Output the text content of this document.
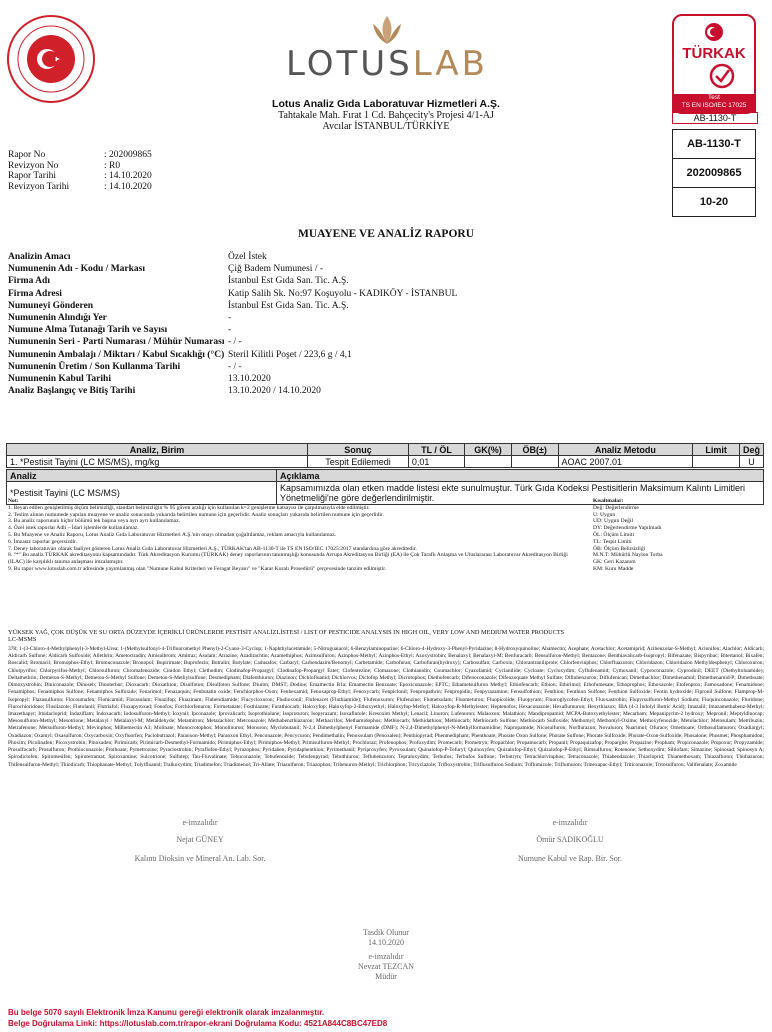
LOTUSLAB
Lotus Analiz Gıda Laboratuvar Hizmetleri A.Ş.
Tahtakale Mah. Fırat 1 Cd. Bahçecity's Projesi 4/1-AJ
Avcılar İSTANBUL/TÜRKİYE
TÜRKAK
Test
TS EN ISO/IEC 17025
AB-1130-T
AB-1130-T
202009865
10-20
Rapor No	: 202009865
Revizyon No	: R0
Rapor Tarihi	: 14.10.2020
Revizyon Tarihi	: 14.10.2020
MUAYENE VE ANALİZ RAPORU
Analizin Amacı	Özel İstek
Numunenin Adı - Kodu / Markası	Çiğ Badem Numunesi / -
Firma Adı	İstanbul Est Gıda San. Tic. A.Ş.
Firma Adresi	Katip Salih Sk. No:97 Koşuyolu - KADIKÖY - İSTANBUL
Numuneyi Gönderen	İstanbul Est Gıda San. Tic. A.Ş.
Numunenin Alındığı Yer	-
Numune Alma Tutanağı Tarih ve Sayısı	-
Numunenin Seri - Parti Numarası / Mühür Numarası	- / -
Numunenin Ambalajı / Miktarı / Kabul Sıcaklığı (°C)	Steril Kilitli Poşet / 223,6 g / 4,1
Numunenin Üretim / Son Kullanma Tarihi	- / -
Numunenin Kabul Tarihi	13.10.2020
Analiz Başlangıç ve Bitiş Tarihi	13.10.2020 / 14.10.2020
Analiz, Birim	Sonuç	TL / ÖL	GK(%)	ÖB(±)	Analiz Metodu	Limit	Değ
1. *Pestisit Tayini (LC MS/MS), mg/kg	Tespit Edilemedi	0,01			AOAC 2007.01		U
Analiz	Açıklama
*Pestisit Tayini (LC MS/MS)	Kapsamımızda olan etken madde listesi ekte sunulmuştur. Türk Gıda Kodeksi Pestisitlerin Maksimum Kalıntı Limitleri Yönetmeliği'ne göre değerlendirilmiştir.
Not:
1. Beyan edilen genişletilmiş ölçüm belirsizliği, standart belirsizliğin % 95 güven aralığı için kullanılan k=2 genişletme katsayısı ile çarpılmasıyla elde edilmiştir.
2. Teslim alınan numunede yapılan muayene ve analiz sonucunda yukarıda belirtilen numune için geçerlidir. Analiz sonuçları yukarıda belirtilen numune için geçerlidir.
3. Bu analiz raporunun hiçbir bölümü tek başına veya ayrı ayrı kullanılamaz.
4. Özel istek raporlar Adli – İdari işlemlerde kullanılamaz.
5. Bu Muayene ve Analiz Raporu, Lotus Analiz Gıda Laboratuvar Hizmetleri A.Ş.'nin onayı olmadan çoğaltılamaz, reklam amacıyla kullanılamaz.
6. İmzasız raporlar geçersizdir.
7. Deney laboratuvarı olarak faaliyet gösteren Lotus Analiz Gıda Laboratuvar Hizmetleri A.Ş., TÜRKAK'tan AB-1130-T ile TS EN ISO/IEC 17025:2017 standardına göre akreditedir.
8. "*" Bu analiz TÜRKAK akreditasyonu kapsamındadır. Türk Akreditasyon Kurumu (TÜRKAK) deney raporlarının tanınmışlığı konusunda Avrupa Akreditasyon Birliği (EA) ile Çok Taraflı Anlaşma ve Uluslararası Laboratuvar Akreditasyon Birliği (ILAC) ile karşılıklı tanıma anlaşması imzalamıştır.
9. Bu rapor www.lotuslab.com.tr adresinde yayımlanmış olan "Numune Kabul Kriterleri ve Feragat Beyanı" ve "Karar Kuralı Prosedürü" çerçevesinde tanzim edilmiştir.
Kısaltmalar:
Değ: Değerlendirme
U: Uygun
UD: Uygun Değil
DY: Değerlendirme Yapılmadı
ÖL: Ölçüm Limiti
TL: Tespit Limiti
ÖB: Ölçüm Belirsizliği
M.N.T: Mühürlü Naylon Torba
GK: Geri Kazanım
KM: Kuru Madde
YÜKSEK YAĞ, ÇOK DÜŞÜK VE SU ORTA DÜZEYDE İÇERİKLİ ÜRÜNLERDE PESTİSİT ANALİZLİSTESİ / LIST OF PESTICIDE ANALYSIS IN HIGH OIL, VERY LOW AND MEDIUM WATER PRODUCTS
LC-MSMS
378; 1-(3-Chloro-4-Methylphenyl)-3-Methyl-Urea; 1-(Methylsulfonyl-4-Trifluoromethyl Phenyl)-2-Cyano-3-Cyclop; 1-Naphthylacetamide; 5-Nitroguaiacol; 6-Benzylaminopurine; 6-Chloro-4-Hydroxy-3-Phenyl-Pyridazine; 8-Hydroxyquinoline; Abamectin; Acephate; Acetachlor; Acetamiprid; Acibenzolar-S-Methyl; Aclonifen; Alachlor; Aldicarb; Aldicarb Sulfone; Aldicarb Sulfoxide; Allethrin; Ametoctradin; Amisulbrom; Amitraz; Asulam; Atrazine; Azadirachtin; Azamethiphos; Azimsulfuron; Azinphos-Methyl; Azinphos-Ethyl; Azoxystrobin; Benalaxyl; Benalaxyl-M; Benfuracarb; Bensulfuron-Methyl; Bentazone; Benthiavalicarb-Isopropyl; Bifenazate; Bispyribac; Bitertanol; Bixafen; Boscalid; Bromacil; Bromophos-Ethyl; Bromuconazole; Bronopol; Bupirimate; Buprofezin; Butralin; Butylate; Cadusafos; Carbaryl; Carbendazim/Benomyl; Carbetamide; Carbofuran; Carbofuran(hydroxy); Carbosulfan; Carboxin; Chlorantraniliprole; Chlorfenvinphos; Chlorfluazuron; Chloridazon; Chloridazon Methyldesphenyl; Chloroxuron; Chlorpyrifos; Chlorpyrifos-Methyl; Chlorsulfuron; Chromafenozide; Cinidon Ethyl; Clethodim; Clodinafop-Propargyl; Clodinafop-Propargyl Ester; Clofentezine; Clomazone; Clothianidin; Coumachlor; Cyazofamid; Cyclanilide; Cycloate; Cycloxydim; Cyflufenamid; Cymoxanil; Cyproconazole; Cyprodinil; DEET (Diethyltoluamide); Deltamethrin; Demeton-S-Methyl; Demeton-S-Methyl Sulfone; Demeton-S-Methylsulfone; Desmedipham; Diafenthiuron; Diazinon; Dichlofluanid; Dichlorvos; Diclofop Methyl; Dicrotophos; Diethofencarb; Difenoconazole; Difenzoquate Methyl Sulfate; Diflubenzuron; Diflufenican; Dimethachlor; Dimethenamid; Dimethenamid-P; Dimethoate; Dimoxystrobin; Diniconazole; Dinoseb; Dinoterbur; Dioxacarb; Dioxathion; Disulfoton; Disulfoton Sulfone; Diuron; DMST; Dodine; Emamectin B1a; Emamectin Benzoate; Epoxiconazole; EPTC; Ethametsulfuron Methyl; Ethiofencarb; Ethion; Ethirimol; Ethofumesate; Ethoprophos; Ethoxazole; Etofenprox; Famoxadone; Fenamidone; Fenamiphos; Fenamiphos Sulfone; Fenamiphos Sulfoxide; Fenarimol; Fenazaquin; Fenbutatin oxide; Fenchlorphos-Oxon; Fenhexamid; Fenoxaprop-Ethyl; Fenoxycarb; Fenpiclonil; Fenpropathrin; Fenpropidin; Fenpyrazamine; Fensulfothion; Fenthion; Fenthion Sulfone; Fenthion Sulfoxide; Fentin hydroxide; Fipronil Sulfone; Flamprop-M-Isopropyl; Flazasulfuron; Flocoumafen; Flonicamid; Florasulam; Fluazifop; Fluazinam; Flubendiamide; Flucycloxuron; Fludioxonil; Flufenacet (Fluthiamide); Flufenoxuron; Flufenzine; Flumetsulam; Fluometuron; Fluopicolide; Fluopyram; Fluoroglycofen-Ethyl; Fluoxastrobin; Flupyrsulfuron-Methyl Sodium; Fluquinconazole; Fluridone; Flurochloridone; Flusilazole; Flutolanil; Flutriafol; Fluxapyroxad; Fonofos; Forchlorfenuron; Formetanate; Fosthiazate; Furathiocarb; Haloxyfop; Haloxyfop-2-Ethoxyethyl; Haloxyfop-Methyl; Haloxyfop-R-Methylester; Heptenofos; Hexaconazole; Hexaflumuron; Hexythiazox; IBA (4-3 İndolyl Butric Acid); Imazalil; Imazamethabenz-Methyl; Imazethapyr; Imidacloprid; Indaziflam; Indoxacarb; Iodosulfuron-Methyl; Ioxynil; Ipconazole; Iprovalicarb; Isoprothiolane; Isoproturon; Isopyrazam; Isoxaflutole; Kresoxim Methyl; Lenacil; Linuron; Lufenuron; Malaoxon; Malathion; Mandipropamid; MCPA-Butoxyethylester; Mecarbam; Mepanipyrim-2 hydroxy; Mepronil; Meptyldinocap; Mesosulfuron-Methyl; Mesotrione; Metalaxyl / Metalaxyl-M; Metaldehyde; Metamitron; Metazachlor; Metconazole; Methabenzthiazuron; Methacrifos; Methamidophos; Methiocarb; Methidathion; Methiocarb; Methiocarb Sulfone; Methiocarb Sulfoxide; Methomyl; Methomyl-Oxime; Methoxyfenozide; Metolachlor; Metosulam; Metribuzin; Metrafenone; Metsulfuron-Methyl; Mevinphos; Milbemectin A3; Molinate; Monocrotophos; Monolinuron; Monuron; Myclobutanil; N-2,4 Dimethylphenyl Formamide (DMF); N-2,4-Dimethylphenyl-N-Methylformamidine; Napropamide; Nicosulfuron; Norflurazon; Novaluron; Nuarimol; Ofurace; Omethoate; Orthosulfamuron; Oxadiargyl; Oxadiazon; Oxamyl; Oxasulfuron; Oxycarboxin; Oxyfluorfen; Paclobutrazol; Paraoxon-Methyl; Paraoxon Ethyl; Penconazole; Pencycuron; Pendimethalin; Penoxsulam (Penoxalen); Penthiopyrad; Phenmedipham; Phenthoate; Phorate Oxon Sulfone; Phorate Sulfone; Phorate Sulfoxide; Phorate-Oxon-Sulfoxide; Phosalone; Phosmet; Phosphamidon; Phoxim; Picolinafen; Picoxystrobin; Pinoxaden; Pirimicarb; Pirimicarb-Desmethyl-Formamido; Pirimiphos-Ethyl; Pirimiphos-Methyl; Primisulfuron-Methyl; Prochloraz; Profenophos; Profoxydim; Promecarb; Prometryn; Propachlor; Propamocarb; Propanil; Propaquizafop; Propargite; Propazine; Propham; Propiconazole; Propoxur; Propyzamide; Prosulfocarb; Prosulfuron; Prothioconazole; Prothoate; Pymetrozine; Pyraclostrobin; Pyraflufen-Ethyl; Pyrazophos; Pyridaben; Pyridaphenthion; Pyrimethanil; Pyriproxyfen; Pyroxsulam; Quinalofop-P-Tefuryl; Quinoxyfen; Quizalofop-Ethyl; Quizalofop-P-Ethyl; Rimsulfuron; Rotenone; Sethoxydim; Siltiofam; Simazine; Spinosad; Spinosyn A; Spirodiclofen; Spiromesifen; Spirotetramat; Spiroxamine; Sulcotrione; Sulfotep; Tau-Fluvalinate; Tebuconazole; Tebufenozide; Tebufenpyrad; Tebuthiuron; Teflubenzuron; Tepraloxydim; Terbufos; Terbufos Sulfone; Terbutryn; Tetrachlorvinphos; Tetraconazole; Thiabendazole; Thiacloprid; Thiamethoxam; Thiazafluron; Thidiazuron; Thifensulfuron-Methyl; Thiodicarb; Thiophanate-Methyl; Tolylfluanid; Tralkoxydim; Triadimefon; Triadimenol; Tri-Allate; Triasulfuron; Triazophos; Tribenuron-Methyl; Trichlorphon; Tricyclazole; Trifloxystrobin; Triflusulfuron Sodium; Triflumizole; Triflumuron; Trinexapac-Ethyl; Triticonazole; Tritosulfuron; Valifenalate; Zoxamide
e-imzalıdır
Nejat GÜNEY
Kalıntı Dioksin ve Mineral An. Lab. Sor.
e-imzalıdır
Ömür SADIKOĞLU
Numune Kabul ve Rap. Bir. Sor.
Tasdik Olunur
14.10.2020
e-imzalıdır
Nevzat TEZCAN
Müdür
Bu belge 5070 sayılı Elektronik İmza Kanunu gereği elektronik olarak imzalanmıştır.
Belge Doğrulama Linki: https://lotuslab.com.tr/rapor-ekrani Doğrulama Kodu: 4521A844C8BC47ED8
